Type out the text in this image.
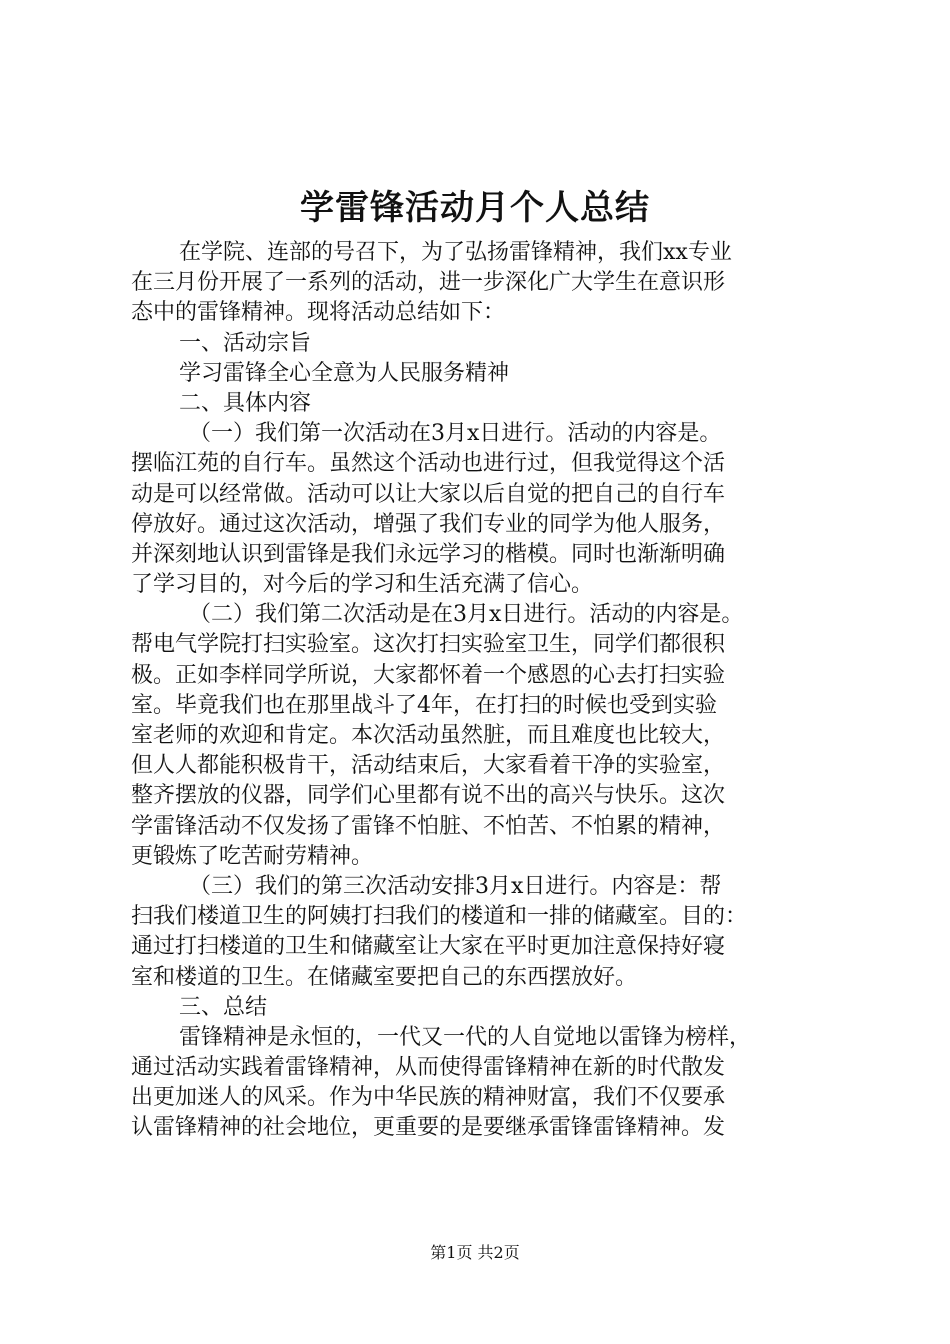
学雷锋活动月个人总结
在学院、连部的号召下，为了弘扬雷锋精神，我们xx专业
在三月份开展了一系列的活动，进一步深化广大学生在意识形
态中的雷锋精神。现将活动总结如下：
一、活动宗旨
学习雷锋全心全意为人民服务精神
二、具体内容
（一）我们第一次活动在3月x日进行。活动的内容是。
摆临江苑的自行车。虽然这个活动也进行过，但我觉得这个活
动是可以经常做。活动可以让大家以后自觉的把自己的自行车
停放好。通过这次活动，增强了我们专业的同学为他人服务，
并深刻地认识到雷锋是我们永远学习的楷模。同时也渐渐明确
了学习目的，对今后的学习和生活充满了信心。
（二）我们第二次活动是在3月x日进行。活动的内容是。
帮电气学院打扫实验室。这次打扫实验室卫生，同学们都很积
极。正如李样同学所说，大家都怀着一个感恩的心去打扫实验
室。毕竟我们也在那里战斗了4年，在打扫的时候也受到实验
室老师的欢迎和肯定。本次活动虽然脏，而且难度也比较大，
但人人都能积极肯干，活动结束后，大家看着干净的实验室，
整齐摆放的仪器，同学们心里都有说不出的高兴与快乐。这次
学雷锋活动不仅发扬了雷锋不怕脏、不怕苦、不怕累的精神，
更锻炼了吃苦耐劳精神。
（三）我们的第三次活动安排3月x日进行。内容是：帮
扫我们楼道卫生的阿姨打扫我们的楼道和一排的储藏室。目的：
通过打扫楼道的卫生和储藏室让大家在平时更加注意保持好寝
室和楼道的卫生。在储藏室要把自己的东西摆放好。
三、总结
雷锋精神是永恒的，一代又一代的人自觉地以雷锋为榜样，
通过活动实践着雷锋精神，从而使得雷锋精神在新的时代散发
出更加迷人的风采。作为中华民族的精神财富，我们不仅要承
认雷锋精神的社会地位，更重要的是要继承雷锋雷锋精神。发
第1页 共2页
